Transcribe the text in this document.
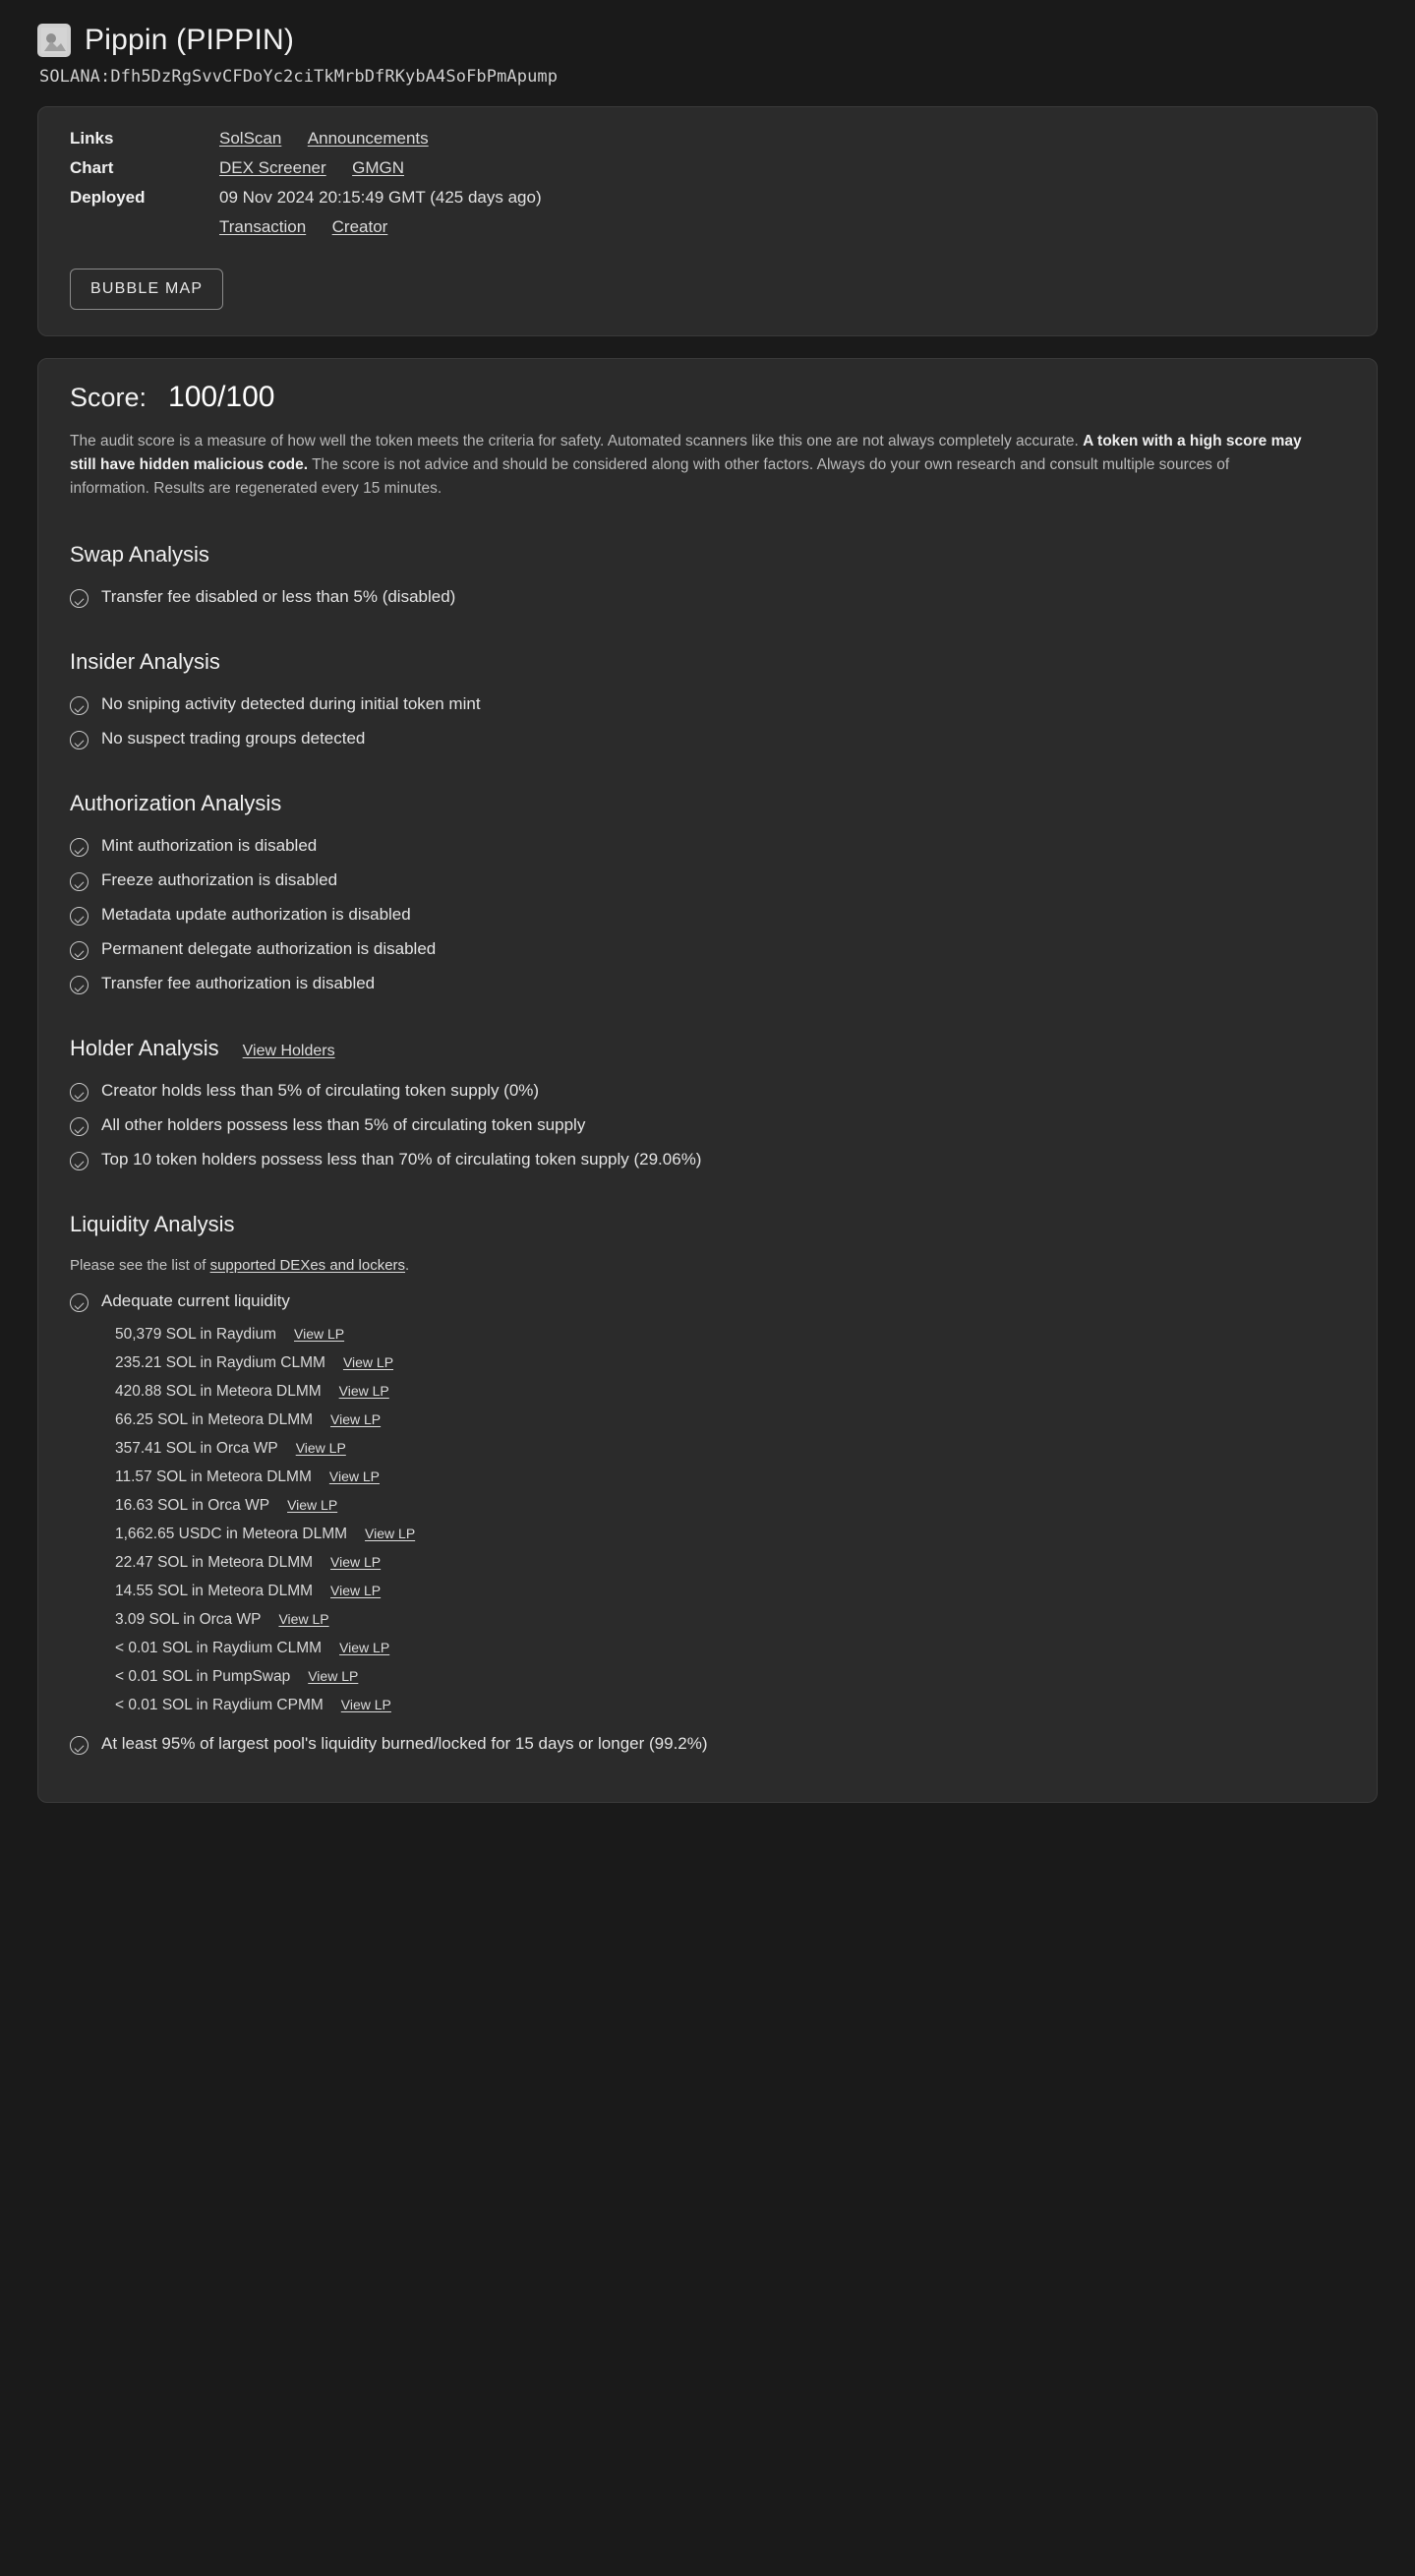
Pippin (PIPPIN)
SOLANA:Dfh5DzRgSvvCFDoYc2ciTkMrbDfRKybA4SoFbPmApump
Links	SolScan Announcements
Chart	DEX Screener GMGN
Deployed	09 Nov 2024 20:15:49 GMT (425 days ago)
Transaction Creator
BUBBLE MAP
Score: 100/100
The audit score is a measure of how well the token meets the criteria for safety. Automated scanners like this one are not always completely accurate. A token with a high score may still have hidden malicious code. The score is not advice and should be considered along with other factors. Always do your own research and consult multiple sources of information. Results are regenerated every 15 minutes.
Swap Analysis
Transfer fee disabled or less than 5% (disabled)
Insider Analysis
No sniping activity detected during initial token mint
No suspect trading groups detected
Authorization Analysis
Mint authorization is disabled
Freeze authorization is disabled
Metadata update authorization is disabled
Permanent delegate authorization is disabled
Transfer fee authorization is disabled
Holder Analysis View Holders
Creator holds less than 5% of circulating token supply (0%)
All other holders possess less than 5% of circulating token supply
Top 10 token holders possess less than 70% of circulating token supply (29.06%)
Liquidity Analysis
Please see the list of supported DEXes and lockers.
Adequate current liquidity
50,379 SOL in Raydium View LP
235.21 SOL in Raydium CLMM View LP
420.88 SOL in Meteora DLMM View LP
66.25 SOL in Meteora DLMM View LP
357.41 SOL in Orca WP View LP
11.57 SOL in Meteora DLMM View LP
16.63 SOL in Orca WP View LP
1,662.65 USDC in Meteora DLMM View LP
22.47 SOL in Meteora DLMM View LP
14.55 SOL in Meteora DLMM View LP
3.09 SOL in Orca WP View LP
< 0.01 SOL in Raydium CLMM View LP
< 0.01 SOL in PumpSwap View LP
< 0.01 SOL in Raydium CPMM View LP
At least 95% of largest pool's liquidity burned/locked for 15 days or longer (99.2%)
